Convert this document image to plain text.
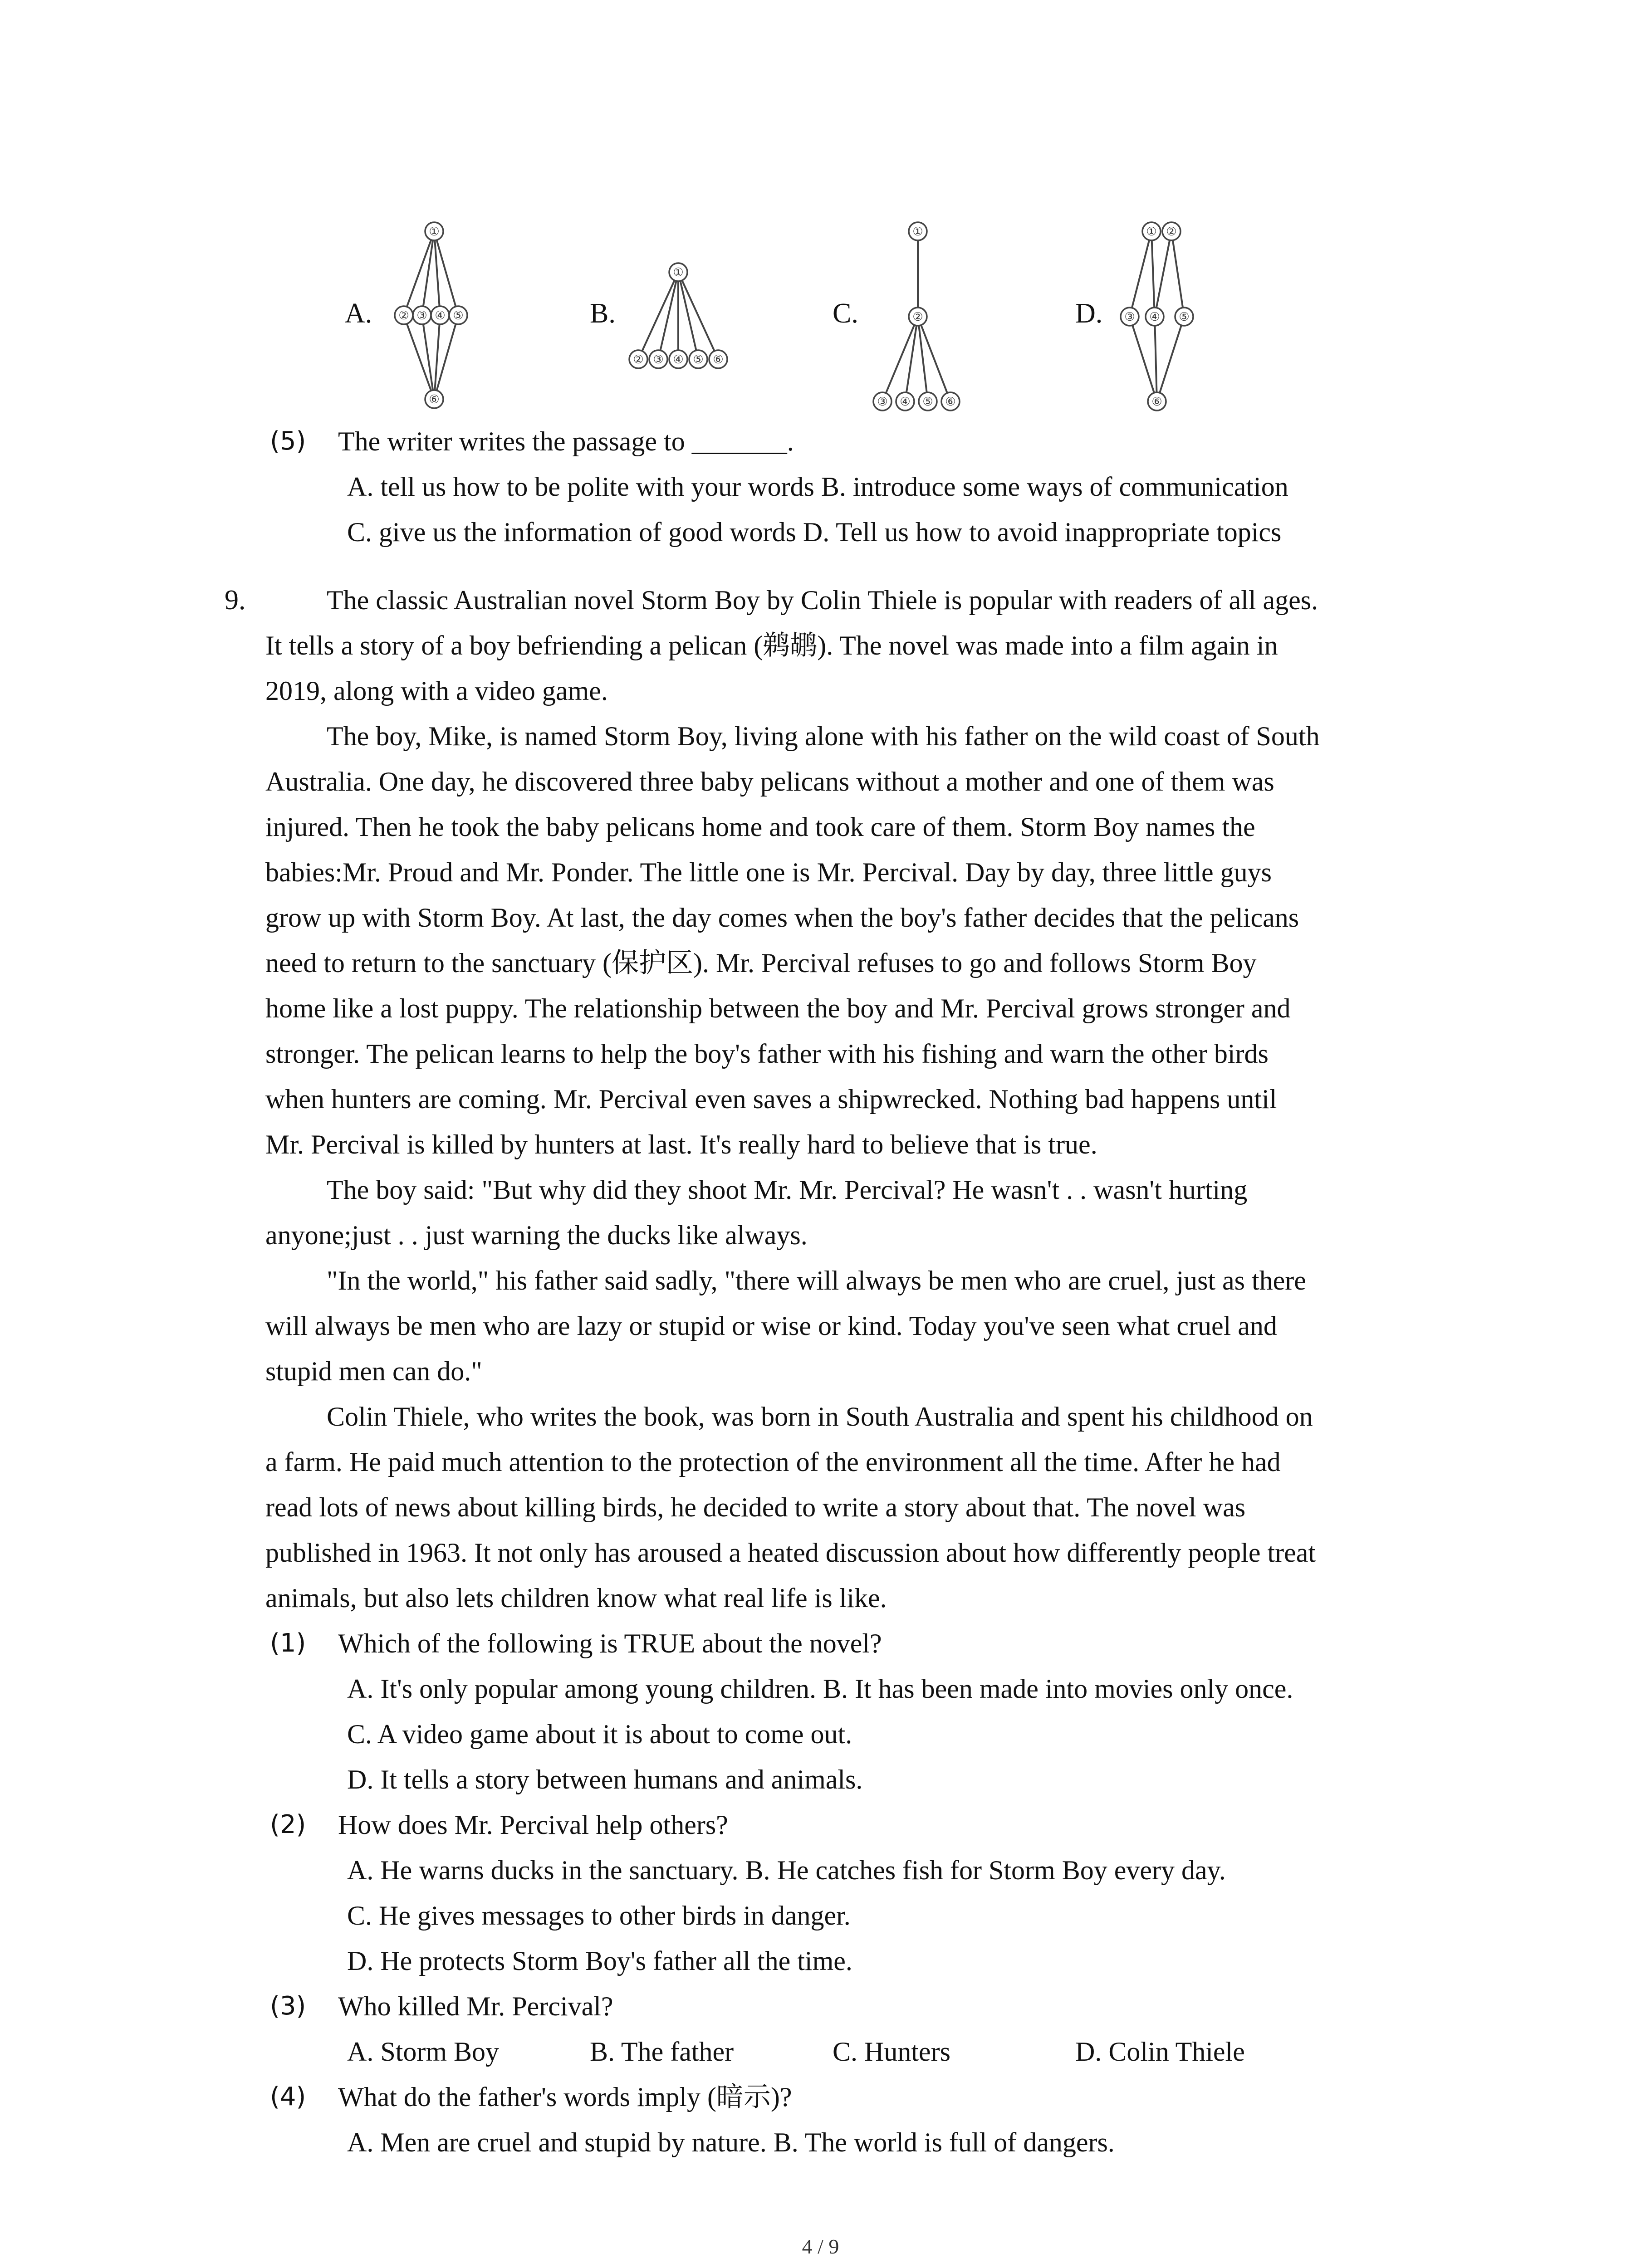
A.
①
② ③ ④ ⑤
⑥
B.
①
② ③ ④ ⑤ ⑥
C.
①
②
③ ④ ⑤ ⑥
D.
① ②
③ ④ ⑤
⑥
(5) The writer writes the passage to _______.
A. tell us how to be polite with your words B. introduce some ways of communication
C. give us the information of good words D. Tell us how to avoid inappropriate topics
9.	The classic Australian novel Storm Boy by Colin Thiele is popular with readers of all ages.
It tells a story of a boy befriending a pelican (鹈鹕). The novel was made into a film again in
2019, along with a video game.
The boy, Mike, is named Storm Boy, living alone with his father on the wild coast of South
Australia. One day, he discovered three baby pelicans without a mother and one of them was
injured. Then he took the baby pelicans home and took care of them. Storm Boy names the
babies:Mr. Proud and Mr. Ponder. The little one is Mr. Percival. Day by day, three little guys
grow up with Storm Boy. At last, the day comes when the boy's father decides that the pelicans
need to return to the sanctuary (保护区). Mr. Percival refuses to go and follows Storm Boy
home like a lost puppy. The relationship between the boy and Mr. Percival grows stronger and
stronger. The pelican learns to help the boy's father with his fishing and warn the other birds
when hunters are coming. Mr. Percival even saves a shipwrecked. Nothing bad happens until
Mr. Percival is killed by hunters at last. It's really hard to believe that is true.
The boy said: "But why did they shoot Mr. Mr. Percival? He wasn't . . wasn't hurting
anyone;just . . just warning the ducks like always.
"In the world," his father said sadly, "there will always be men who are cruel, just as there
will always be men who are lazy or stupid or wise or kind. Today you've seen what cruel and
stupid men can do."
Colin Thiele, who writes the book, was born in South Australia and spent his childhood on
a farm. He paid much attention to the protection of the environment all the time. After he had
read lots of news about killing birds, he decided to write a story about that. The novel was
published in 1963. It not only has aroused a heated discussion about how differently people treat
animals, but also lets children know what real life is like.
(1) Which of the following is TRUE about the novel?
A. It's only popular among young children. B. It has been made into movies only once.
C. A video game about it is about to come out.
D. It tells a story between humans and animals.
(2) How does Mr. Percival help others?
A. He warns ducks in the sanctuary. B. He catches fish for Storm Boy every day.
C. He gives messages to other birds in danger.
D. He protects Storm Boy's father all the time.
(3) Who killed Mr. Percival?
A. Storm Boy	B. The father	C. Hunters	D. Colin Thiele
(4) What do the father's words imply (暗示)?
A. Men are cruel and stupid by nature. B. The world is full of dangers.
4 / 9
